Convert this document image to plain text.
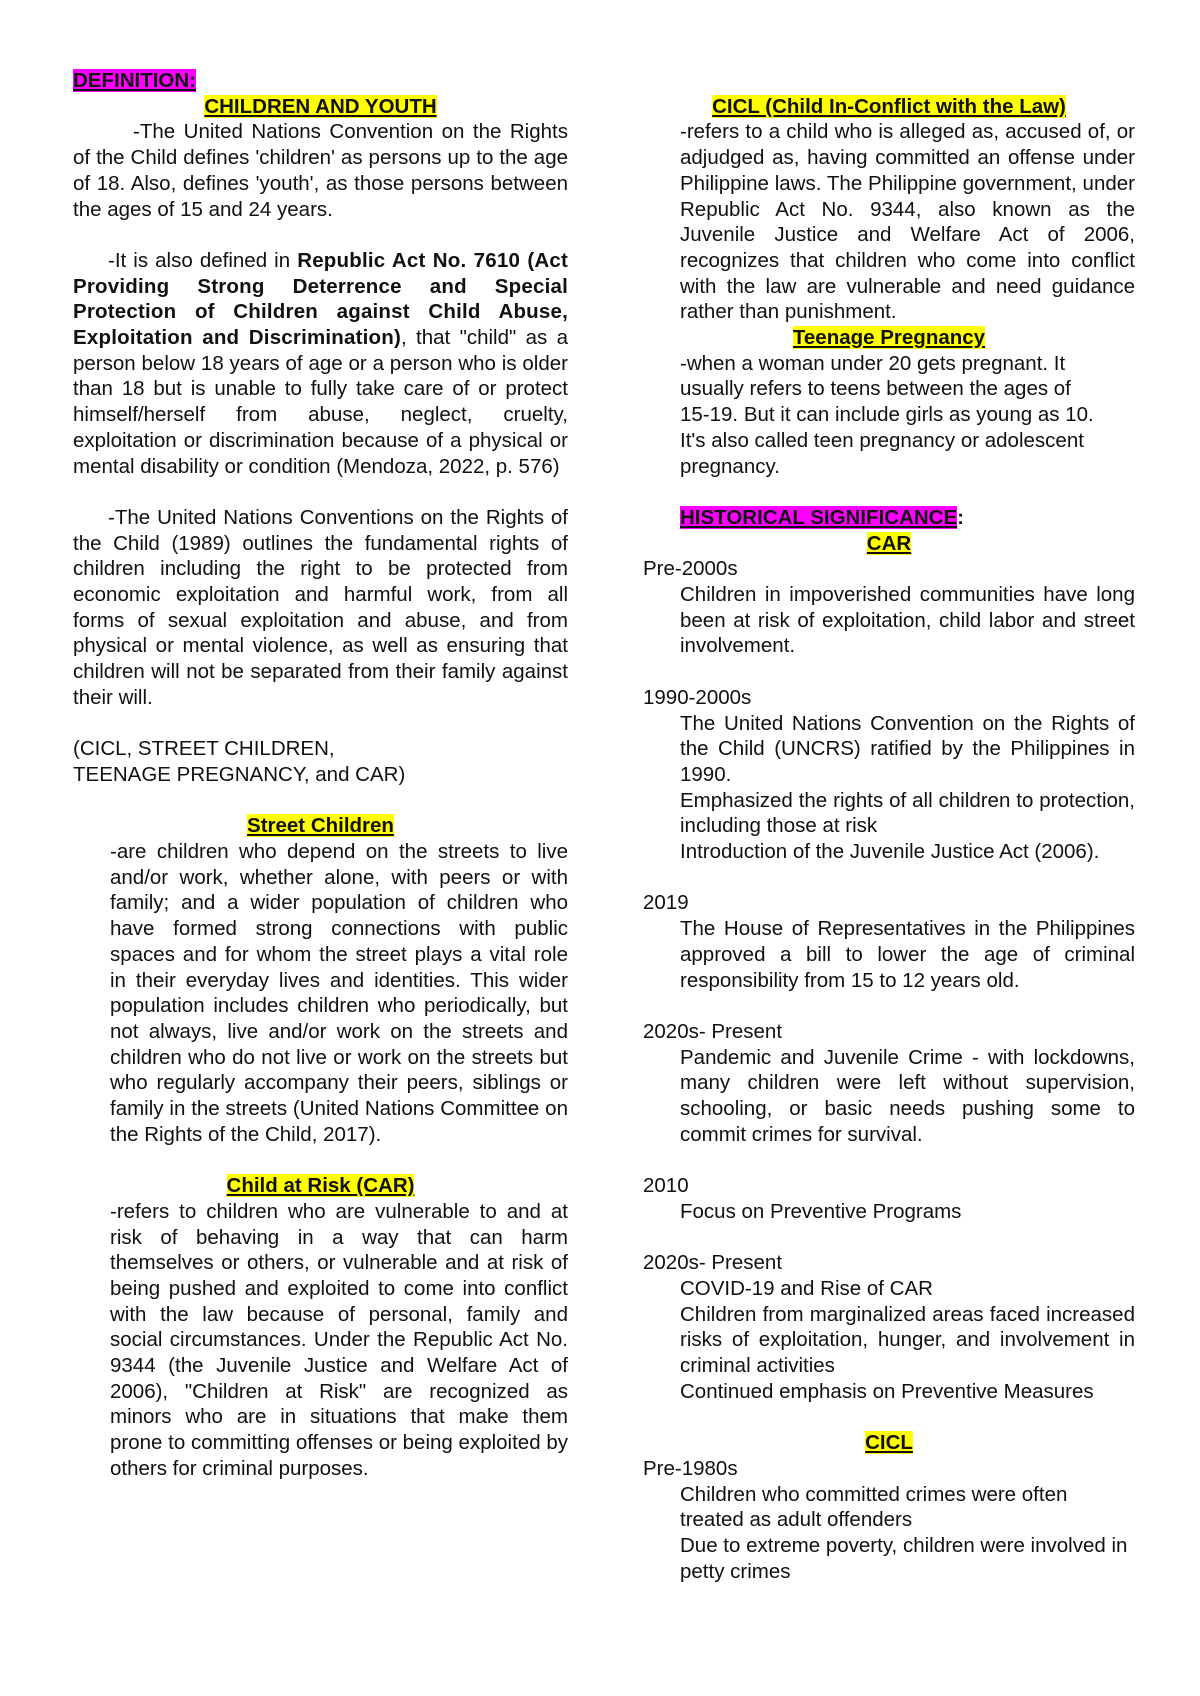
DEFINITION:

CHILDREN AND YOUTH

-The United Nations Convention on the Rights of the Child defines 'children' as persons up to the age of 18. Also, defines 'youth', as those persons between the ages of 15 and 24 years.

-It is also defined in Republic Act No. 7610 (Act Providing Strong Deterrence and Special Protection of Children against Child Abuse, Exploitation and Discrimination), that "child" as a person below 18 years of age or a person who is older than 18 but is unable to fully take care of or protect himself/herself from abuse, neglect, cruelty, exploitation or discrimination because of a physical or mental disability or condition (Mendoza, 2022, p. 576)

-The United Nations Conventions on the Rights of the Child (1989) outlines the fundamental rights of children including the right to be protected from economic exploitation and harmful work, from all forms of sexual exploitation and abuse, and from physical or mental violence, as well as ensuring that children will not be separated from their family against their will.

(CICL, STREET CHILDREN,

TEENAGE PREGNANCY, and CAR)

Street Children

-are children who depend on the streets to live and/or work, whether alone, with peers or with family; and a wider population of children who have formed strong connections with public spaces and for whom the street plays a vital role in their everyday lives and identities. This wider population includes children who periodically, but not always, live and/or work on the streets and children who do not live or work on the streets but who regularly accompany their peers, siblings or family in the streets (United Nations Committee on the Rights of the Child, 2017).

Child at Risk (CAR)

-refers to children who are vulnerable to and at risk of behaving in a way that can harm themselves or others, or vulnerable and at risk of being pushed and exploited to come into conflict with the law because of personal, family and social circumstances. Under the Republic Act No. 9344 (the Juvenile Justice and Welfare Act of 2006), "Children at Risk" are recognized as minors who are in situations that make them prone to committing offenses or being exploited by others for criminal purposes.

CICL (Child In-Conflict with the Law)

-refers to a child who is alleged as, accused of, or adjudged as, having committed an offense under Philippine laws. The Philippine government, under Republic Act No. 9344, also known as the Juvenile Justice and Welfare Act of 2006, recognizes that children who come into conflict with the law are vulnerable and need guidance rather than punishment.

Teenage Pregnancy

-when a woman under 20 gets pregnant. It

usually refers to teens between the ages of

15-19. But it can include girls as young as 10.

It's also called teen pregnancy or adolescent

pregnancy.

HISTORICAL SIGNIFICANCE:

CAR

Pre-2000s

Children in impoverished communities have long been at risk of exploitation, child labor and street involvement.

1990-2000s

The United Nations Convention on the Rights of the Child (UNCRS) ratified by the Philippines in 1990.

Emphasized the rights of all children to protection, including those at risk

Introduction of the Juvenile Justice Act (2006).

2019

The House of Representatives in the Philippines approved a bill to lower the age of criminal responsibility from 15 to 12 years old.

2020s- Present

Pandemic and Juvenile Crime - with lockdowns, many children were left without supervision, schooling, or basic needs pushing some to commit crimes for survival.

2010

Focus on Preventive Programs

2020s- Present

COVID-19 and Rise of CAR

Children from marginalized areas faced increased risks of exploitation, hunger, and involvement in criminal activities

Continued emphasis on Preventive Measures

CICL

Pre-1980s

Children who committed crimes were often treated as adult offenders

Due to extreme poverty, children were involved in petty crimes
